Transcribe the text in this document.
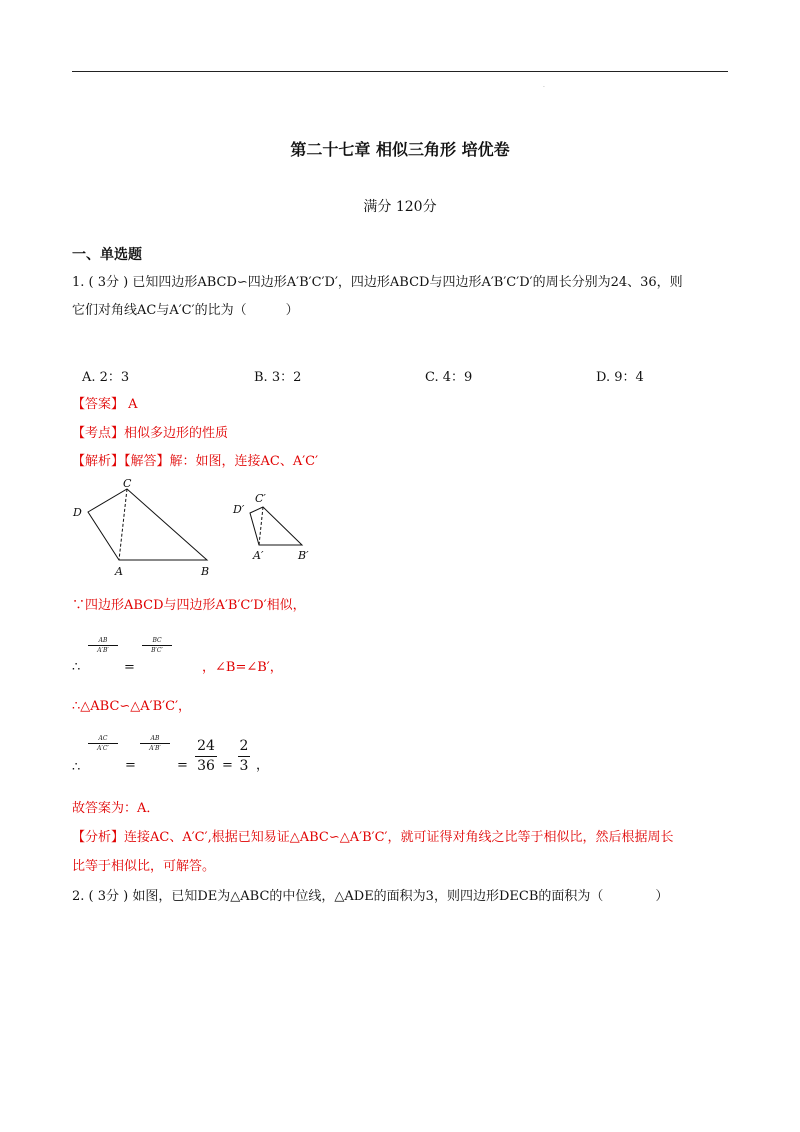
·
第二十七章 相似三角形 培优卷
满分 120分
一、单选题
1. ( 3分 ) 已知四边形ABCD∽四边形A′B′C′D′，四边形ABCD与四边形A′B′C′D′的周长分别为24、36，则
它们对角线AC与A′C′的比为（　　　）
A. 2：3	B. 3：2	C. 4：9	D. 9：4
【答案】 A
【考点】相似多边形的性质
【解析】【解答】解：如图，连接AC、A′C′
C
D
A	B
C′
D′
A′	B′
∵四边形ABCD与四边形A′B′C′D′相似，
∴
AB
A′B′
=
BC
B′C′
，∠B=∠B′，
∴△ABC∽△A′B′C′，
∴
AC
A′C′
=
AB
A′B′
=
24
36 =
2
3 ，
故答案为：A．
【分析】连接AC、A′C′,根据已知易证△ABC∽△A′B′C′，就可证得对角线之比等于相似比，然后根据周长
比等于相似比，可解答。
2. ( 3分 ) 如图，已知DE为△ABC的中位线，△ADE的面积为3，则四边形DECB的面积为（　　　　）
